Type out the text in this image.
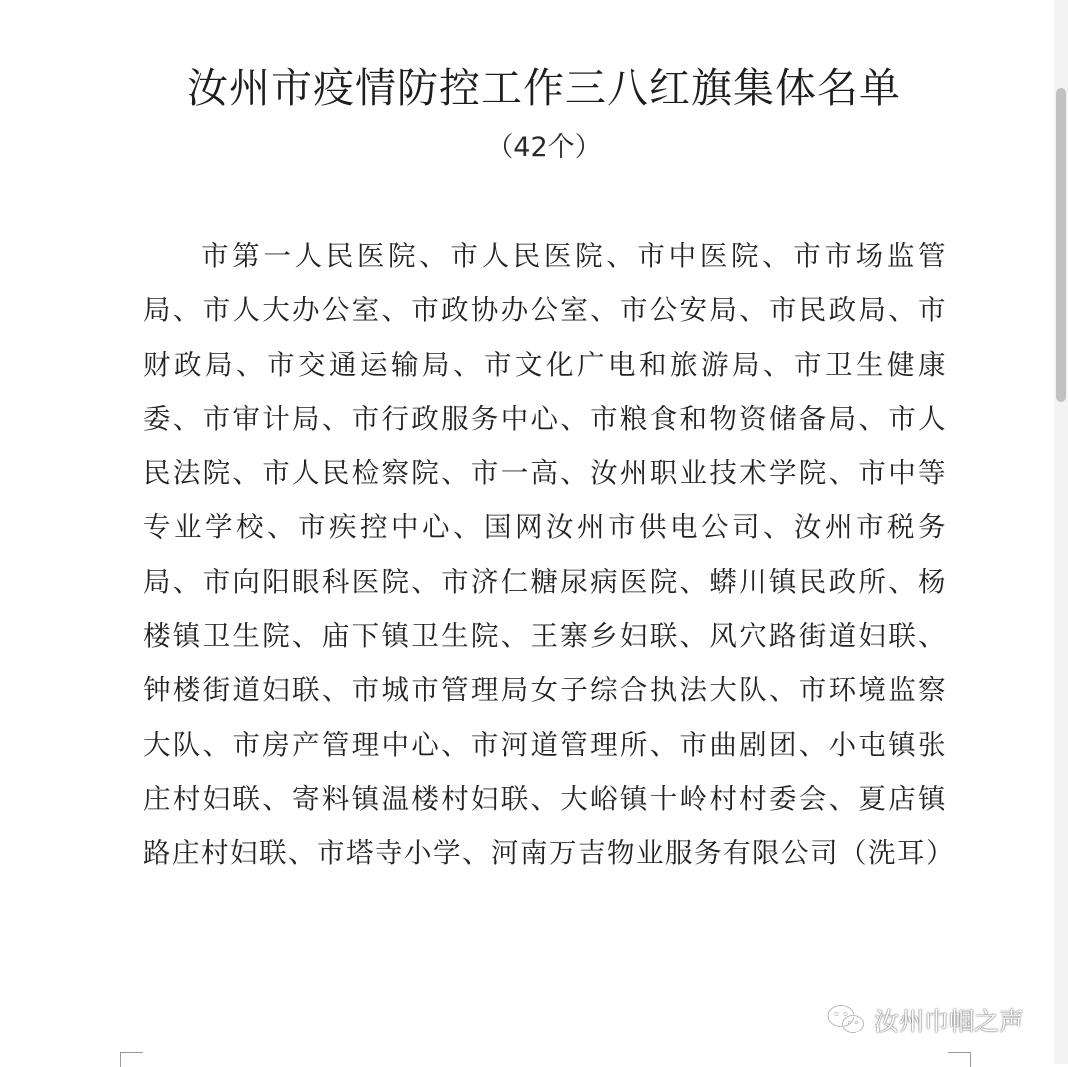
汝州市疫情防控工作三八红旗集体名单
（42个）

市第一人民医院、市人民医院、市中医院、市市场监管局、市人大办公室、市政协办公室、市公安局、市民政局、市财政局、市交通运输局、市文化广电和旅游局、市卫生健康委、市审计局、市行政服务中心、市粮食和物资储备局、市人民法院、市人民检察院、市一高、汝州职业技术学院、市中等专业学校、市疾控中心、国网汝州市供电公司、汝州市税务局、市向阳眼科医院、市济仁糖尿病医院、蟒川镇民政所、杨楼镇卫生院、庙下镇卫生院、王寨乡妇联、风穴路街道妇联、钟楼街道妇联、市城市管理局女子综合执法大队、市环境监察大队、市房产管理中心、市河道管理所、市曲剧团、小屯镇张庄村妇联、寄料镇温楼村妇联、大峪镇十岭村村委会、夏店镇路庄村妇联、市塔寺小学、河南万吉物业服务有限公司（洗耳）

汝州巾帼之声
